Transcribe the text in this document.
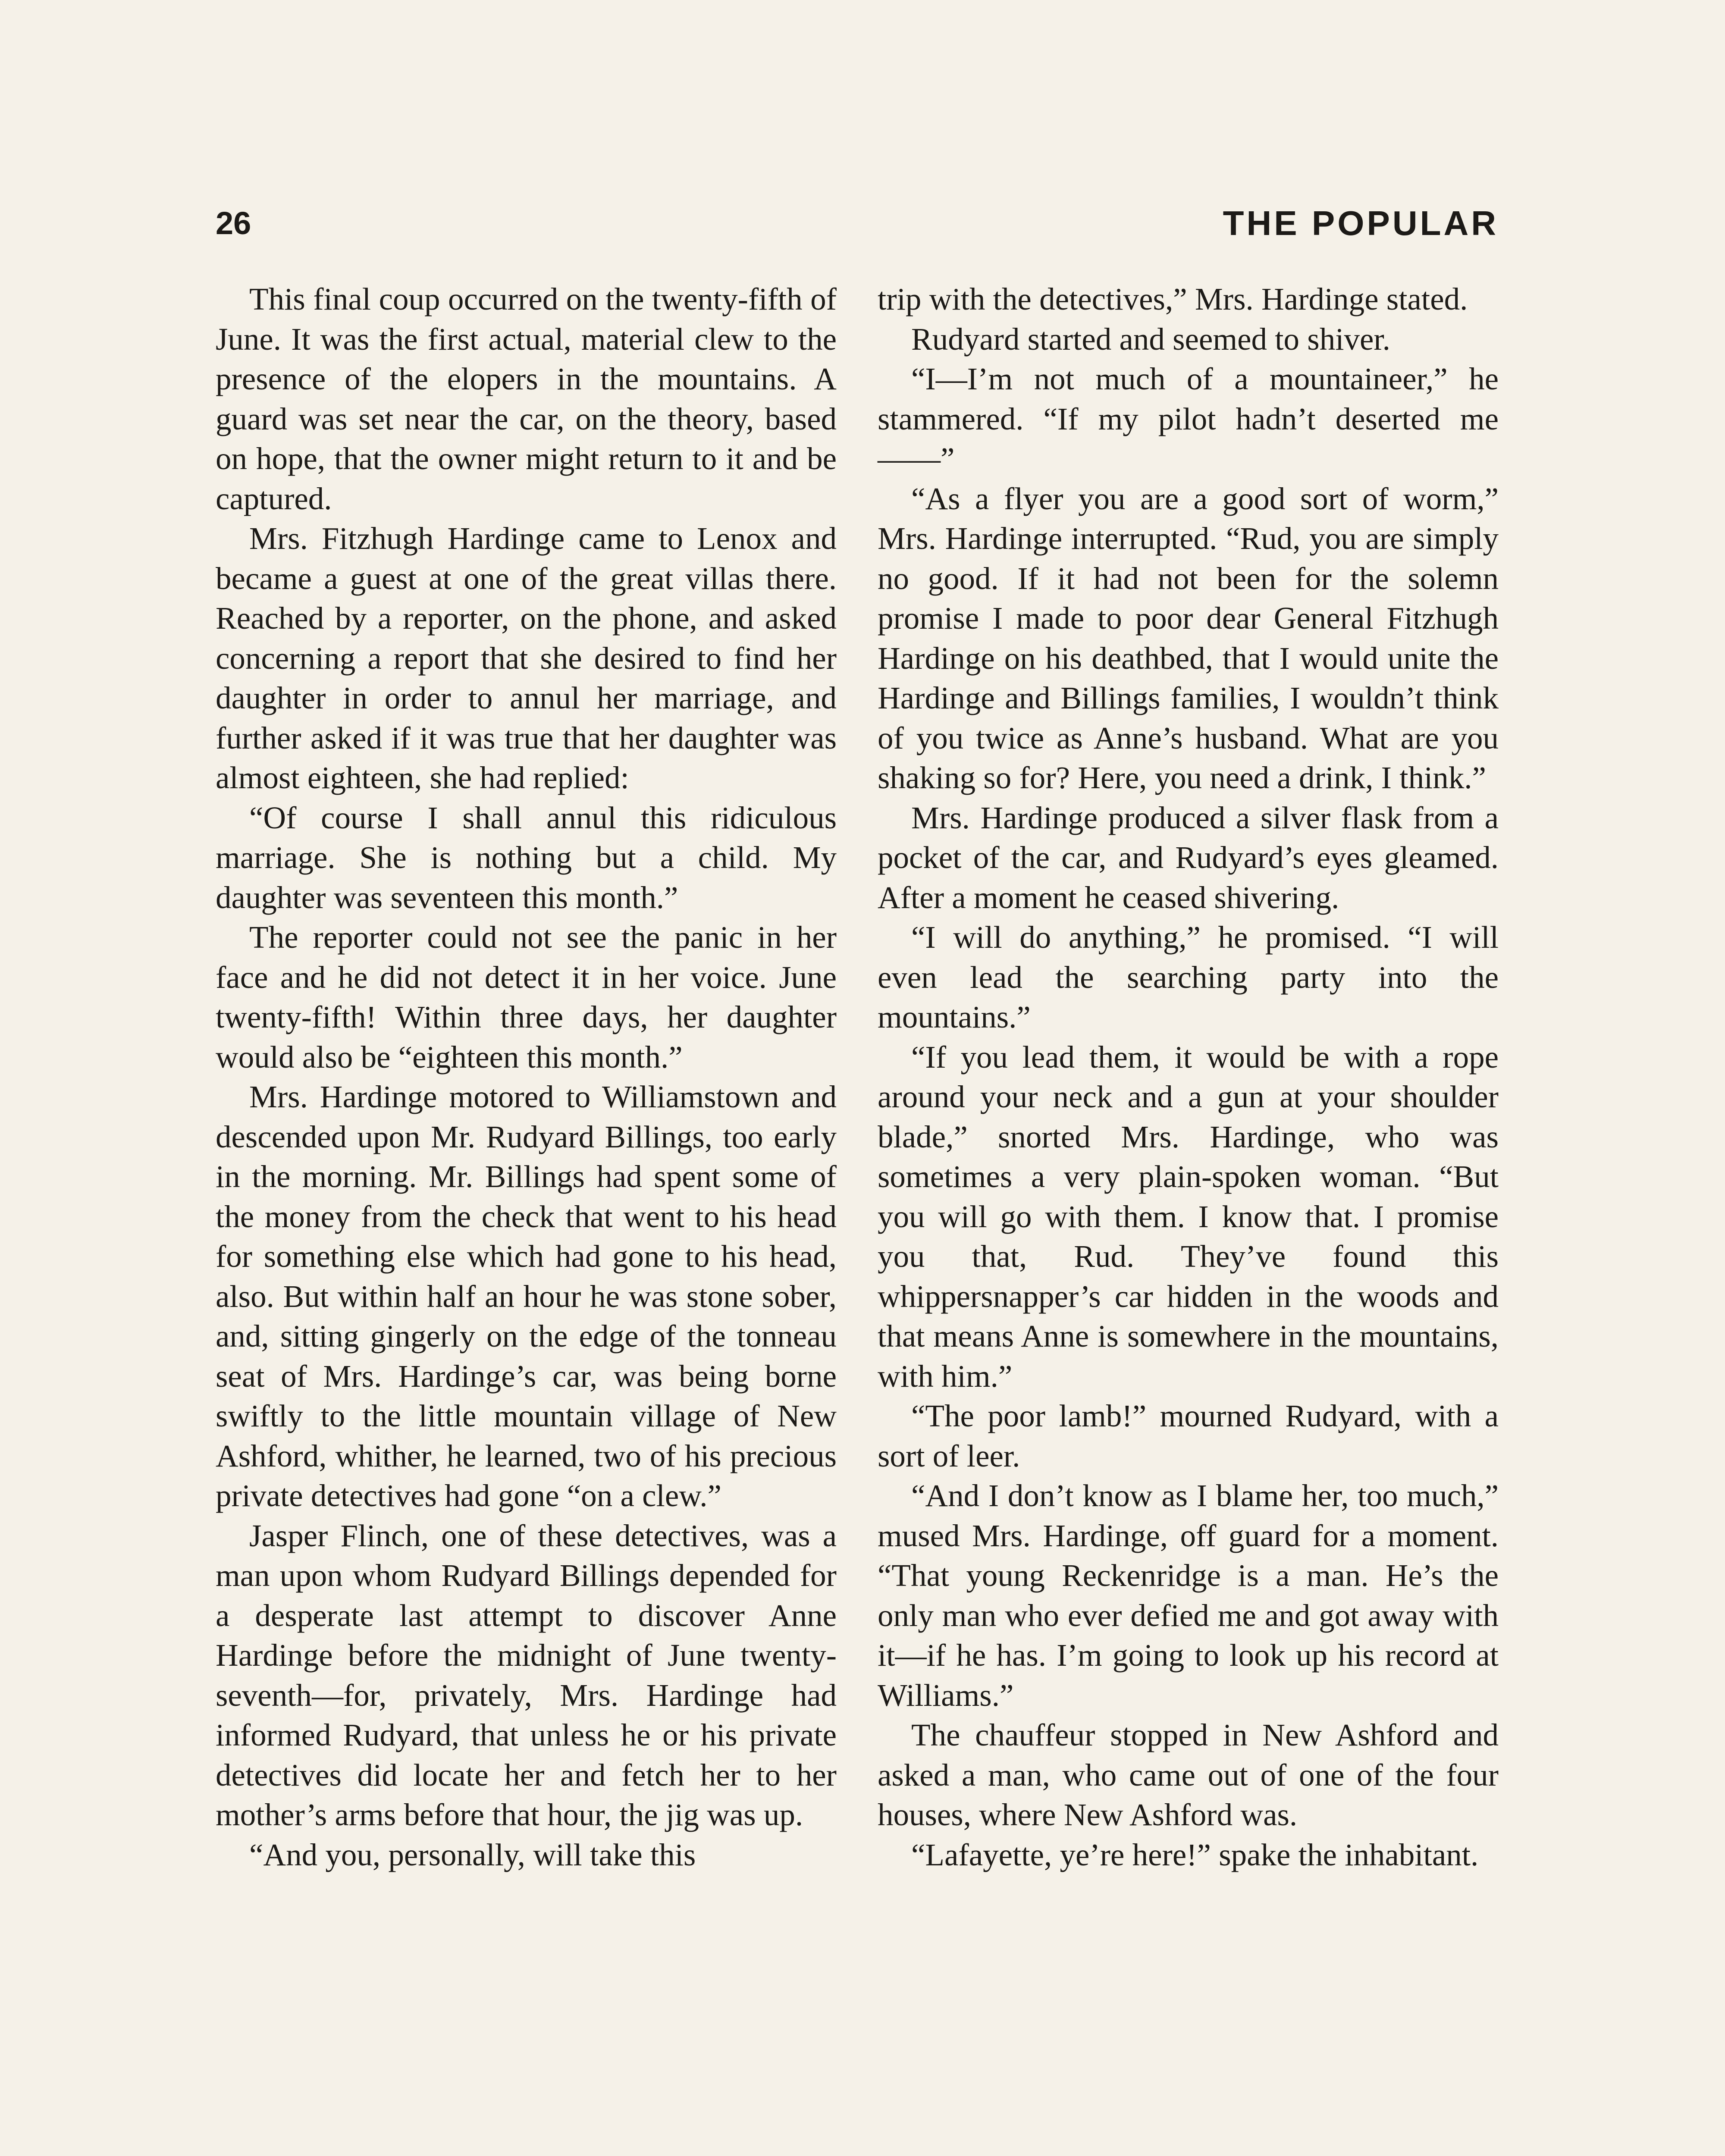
26	THE POPULAR

This final coup occurred on the twenty-fifth of June. It was the first actual, material clew to the presence of the elopers in the mountains. A guard was set near the car, on the theory, based on hope, that the owner might return to it and be captured.

Mrs. Fitzhugh Hardinge came to Lenox and became a guest at one of the great villas there. Reached by a reporter, on the phone, and asked concerning a report that she desired to find her daughter in order to annul her marriage, and further asked if it was true that her daughter was almost eighteen, she had replied:

“Of course I shall annul this ridiculous marriage. She is nothing but a child. My daughter was seventeen this month.”

The reporter could not see the panic in her face and he did not detect it in her voice. June twenty-fifth! Within three days, her daughter would also be “eighteen this month.”

Mrs. Hardinge motored to Williamstown and descended upon Mr. Rudyard Billings, too early in the morning. Mr. Billings had spent some of the money from the check that went to his head for something else which had gone to his head, also. But within half an hour he was stone sober, and, sitting gingerly on the edge of the tonneau seat of Mrs. Hardinge’s car, was being borne swiftly to the little mountain village of New Ashford, whither, he learned, two of his precious private detectives had gone “on a clew.”

Jasper Flinch, one of these detectives, was a man upon whom Rudyard Billings depended for a desperate last attempt to discover Anne Hardinge before the midnight of June twenty-seventh—for, privately, Mrs. Hardinge had informed Rudyard, that unless he or his private detectives did locate her and fetch her to her mother’s arms before that hour, the jig was up.

“And you, personally, will take this

trip with the detectives,” Mrs. Hardinge stated.

Rudyard started and seemed to shiver.

“I—I’m not much of a mountaineer,” he stammered. “If my pilot hadn’t deserted me——”

“As a flyer you are a good sort of worm,” Mrs. Hardinge interrupted. “Rud, you are simply no good. If it had not been for the solemn promise I made to poor dear General Fitzhugh Hardinge on his deathbed, that I would unite the Hardinge and Billings families, I wouldn’t think of you twice as Anne’s husband. What are you shaking so for? Here, you need a drink, I think.”

Mrs. Hardinge produced a silver flask from a pocket of the car, and Rudyard’s eyes gleamed. After a moment he ceased shivering.

“I will do anything,” he promised. “I will even lead the searching party into the mountains.”

“If you lead them, it would be with a rope around your neck and a gun at your shoulder blade,” snorted Mrs. Hardinge, who was sometimes a very plain-spoken woman. “But you will go with them. I know that. I promise you that, Rud. They’ve found this whippersnapper’s car hidden in the woods and that means Anne is somewhere in the mountains, with him.”

“The poor lamb!” mourned Rudyard, with a sort of leer.

“And I don’t know as I blame her, too much,” mused Mrs. Hardinge, off guard for a moment. “That young Reckenridge is a man. He’s the only man who ever defied me and got away with it—if he has. I’m going to look up his record at Williams.”

The chauffeur stopped in New Ashford and asked a man, who came out of one of the four houses, where New Ashford was.

“Lafayette, ye’re here!” spake the inhabitant.
